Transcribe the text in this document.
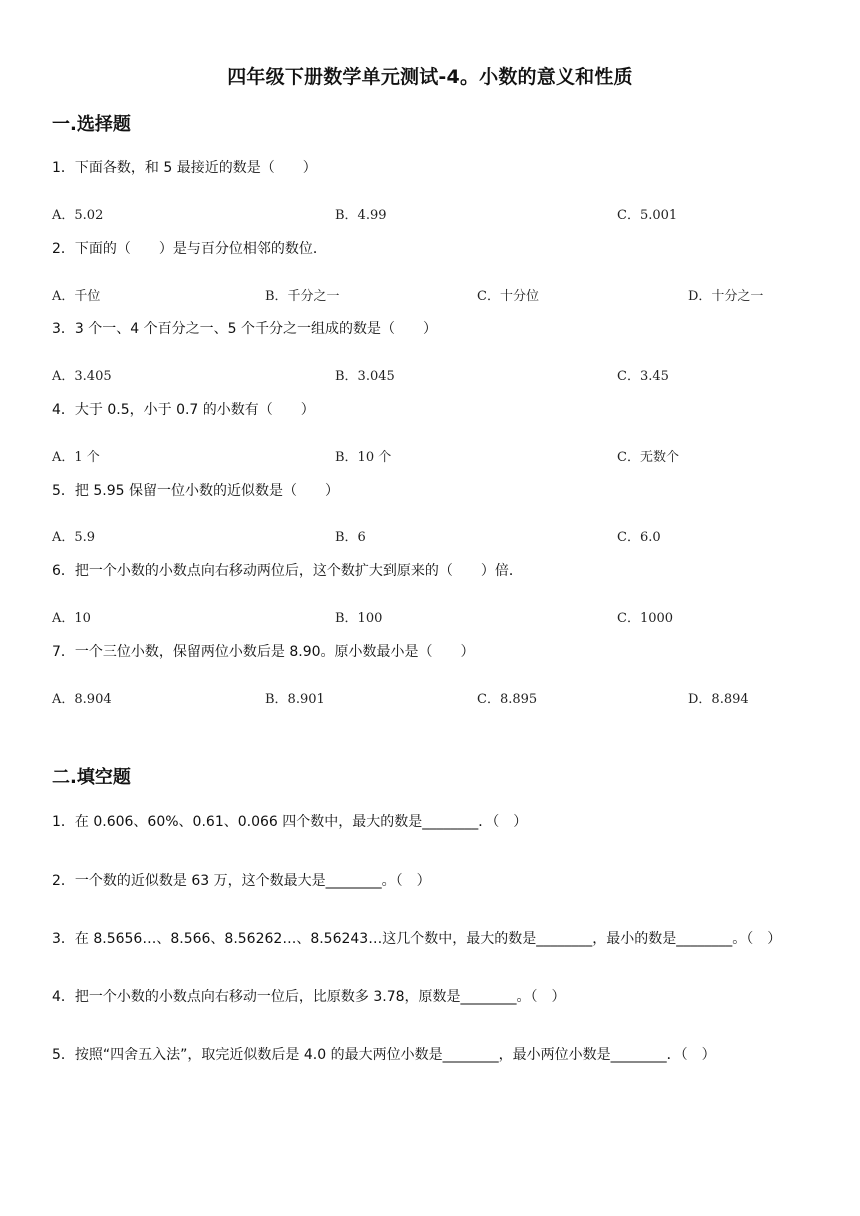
四年级下册数学单元测试-4。小数的意义和性质
一.选择题
1．下面各数，和 5 最接近的数是（　　）
A．5.02	B．4.99	C．5.001
2．下面的（　　）是与百分位相邻的数位．
A．千位	B．千分之一	C．十分位	D．十分之一
3．3 个一、4 个百分之一、5 个千分之一组成的数是（　　）
A．3.405	B．3.045	C．3.45
4．大于 0.5，小于 0.7 的小数有（　　）
A．1 个	B．10 个	C．无数个
5．把 5.95 保留一位小数的近似数是（　　）
A．5.9	B．6	C．6.0
6．把一个小数的小数点向右移动两位后，这个数扩大到原来的（　　）倍．
A．10	B．100	C．1000
7．一个三位小数，保留两位小数后是 8.90。原小数最小是（　　）
A．8.904	B．8.901	C．8.895	D．8.894
二.填空题
1．在 0.606、60%、0.61、0.066 四个数中，最大的数是________．（　）
2．一个数的近似数是 63 万，这个数最大是________。（　）
3．在 8.5656…、8.566、8.56262…、8.56243…这几个数中，最大的数是________，最小的数是________。（　）
4．把一个小数的小数点向右移动一位后，比原数多 3.78，原数是________。（　）
5．按照“四舍五入法”，取完近似数后是 4.0 的最大两位小数是________，最小两位小数是________．（　）
